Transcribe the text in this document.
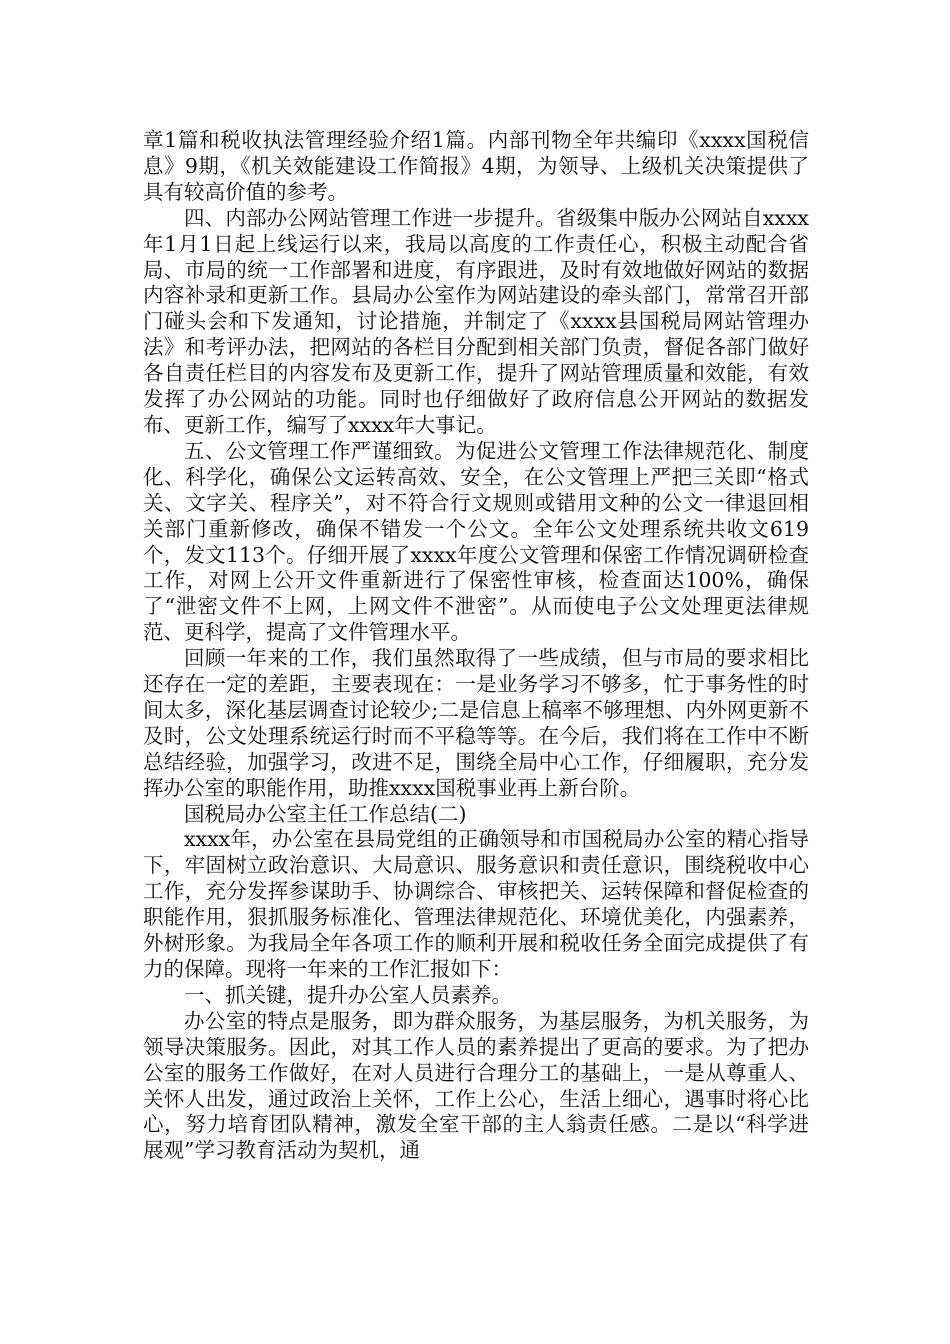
章1篇和税收执法管理经验介绍1篇。内部刊物全年共编印《xxxx国税信息》9期，《机关效能建设工作简报》4期，为领导、上级机关决策提供了具有较高价值的参考。

四、内部办公网站管理工作进一步提升。省级集中版办公网站自xxxx年1月1日起上线运行以来，我局以高度的工作责任心，积极主动配合省局、市局的统一工作部署和进度，有序跟进，及时有效地做好网站的数据内容补录和更新工作。县局办公室作为网站建设的牵头部门，常常召开部门碰头会和下发通知，讨论措施，并制定了《xxxx县国税局网站管理办法》和考评办法，把网站的各栏目分配到相关部门负责，督促各部门做好各自责任栏目的内容发布及更新工作，提升了网站管理质量和效能，有效发挥了办公网站的功能。同时也仔细做好了政府信息公开网站的数据发布、更新工作，编写了xxxx年大事记。

五、公文管理工作严谨细致。为促进公文管理工作法律规范化、制度化、科学化，确保公文运转高效、安全，在公文管理上严把三关即“格式关、文字关、程序关”，对不符合行文规则或错用文种的公文一律退回相关部门重新修改，确保不错发一个公文。全年公文处理系统共收文619个，发文113个。仔细开展了xxxx年度公文管理和保密工作情况调研检查工作，对网上公开文件重新进行了保密性审核，检查面达100%，确保了“泄密文件不上网，上网文件不泄密”。从而使电子公文处理更法律规范、更科学，提高了文件管理水平。

回顾一年来的工作，我们虽然取得了一些成绩，但与市局的要求相比还存在一定的差距，主要表现在：一是业务学习不够多，忙于事务性的时间太多，深化基层调查讨论较少;二是信息上稿率不够理想、内外网更新不及时，公文处理系统运行时而不平稳等等。在今后，我们将在工作中不断总结经验，加强学习，改进不足，围绕全局中心工作，仔细履职，充分发挥办公室的职能作用，助推xxxx国税事业再上新台阶。

国税局办公室主任工作总结(二)

xxxx年，办公室在县局党组的正确领导和市国税局办公室的精心指导下，牢固树立政治意识、大局意识、服务意识和责任意识，围绕税收中心工作，充分发挥参谋助手、协调综合、审核把关、运转保障和督促检查的职能作用，狠抓服务标准化、管理法律规范化、环境优美化，内强素养，外树形象。为我局全年各项工作的顺利开展和税收任务全面完成提供了有力的保障。现将一年来的工作汇报如下：

一、抓关键，提升办公室人员素养。

办公室的特点是服务，即为群众服务，为基层服务，为机关服务，为领导决策服务。因此，对其工作人员的素养提出了更高的要求。为了把办公室的服务工作做好，在对人员进行合理分工的基础上，一是从尊重人、关怀人出发，通过政治上关怀，工作上公心，生活上细心，遇事时将心比心，努力培育团队精神，激发全室干部的主人翁责任感。二是以“科学进展观”学习教育活动为契机，通
